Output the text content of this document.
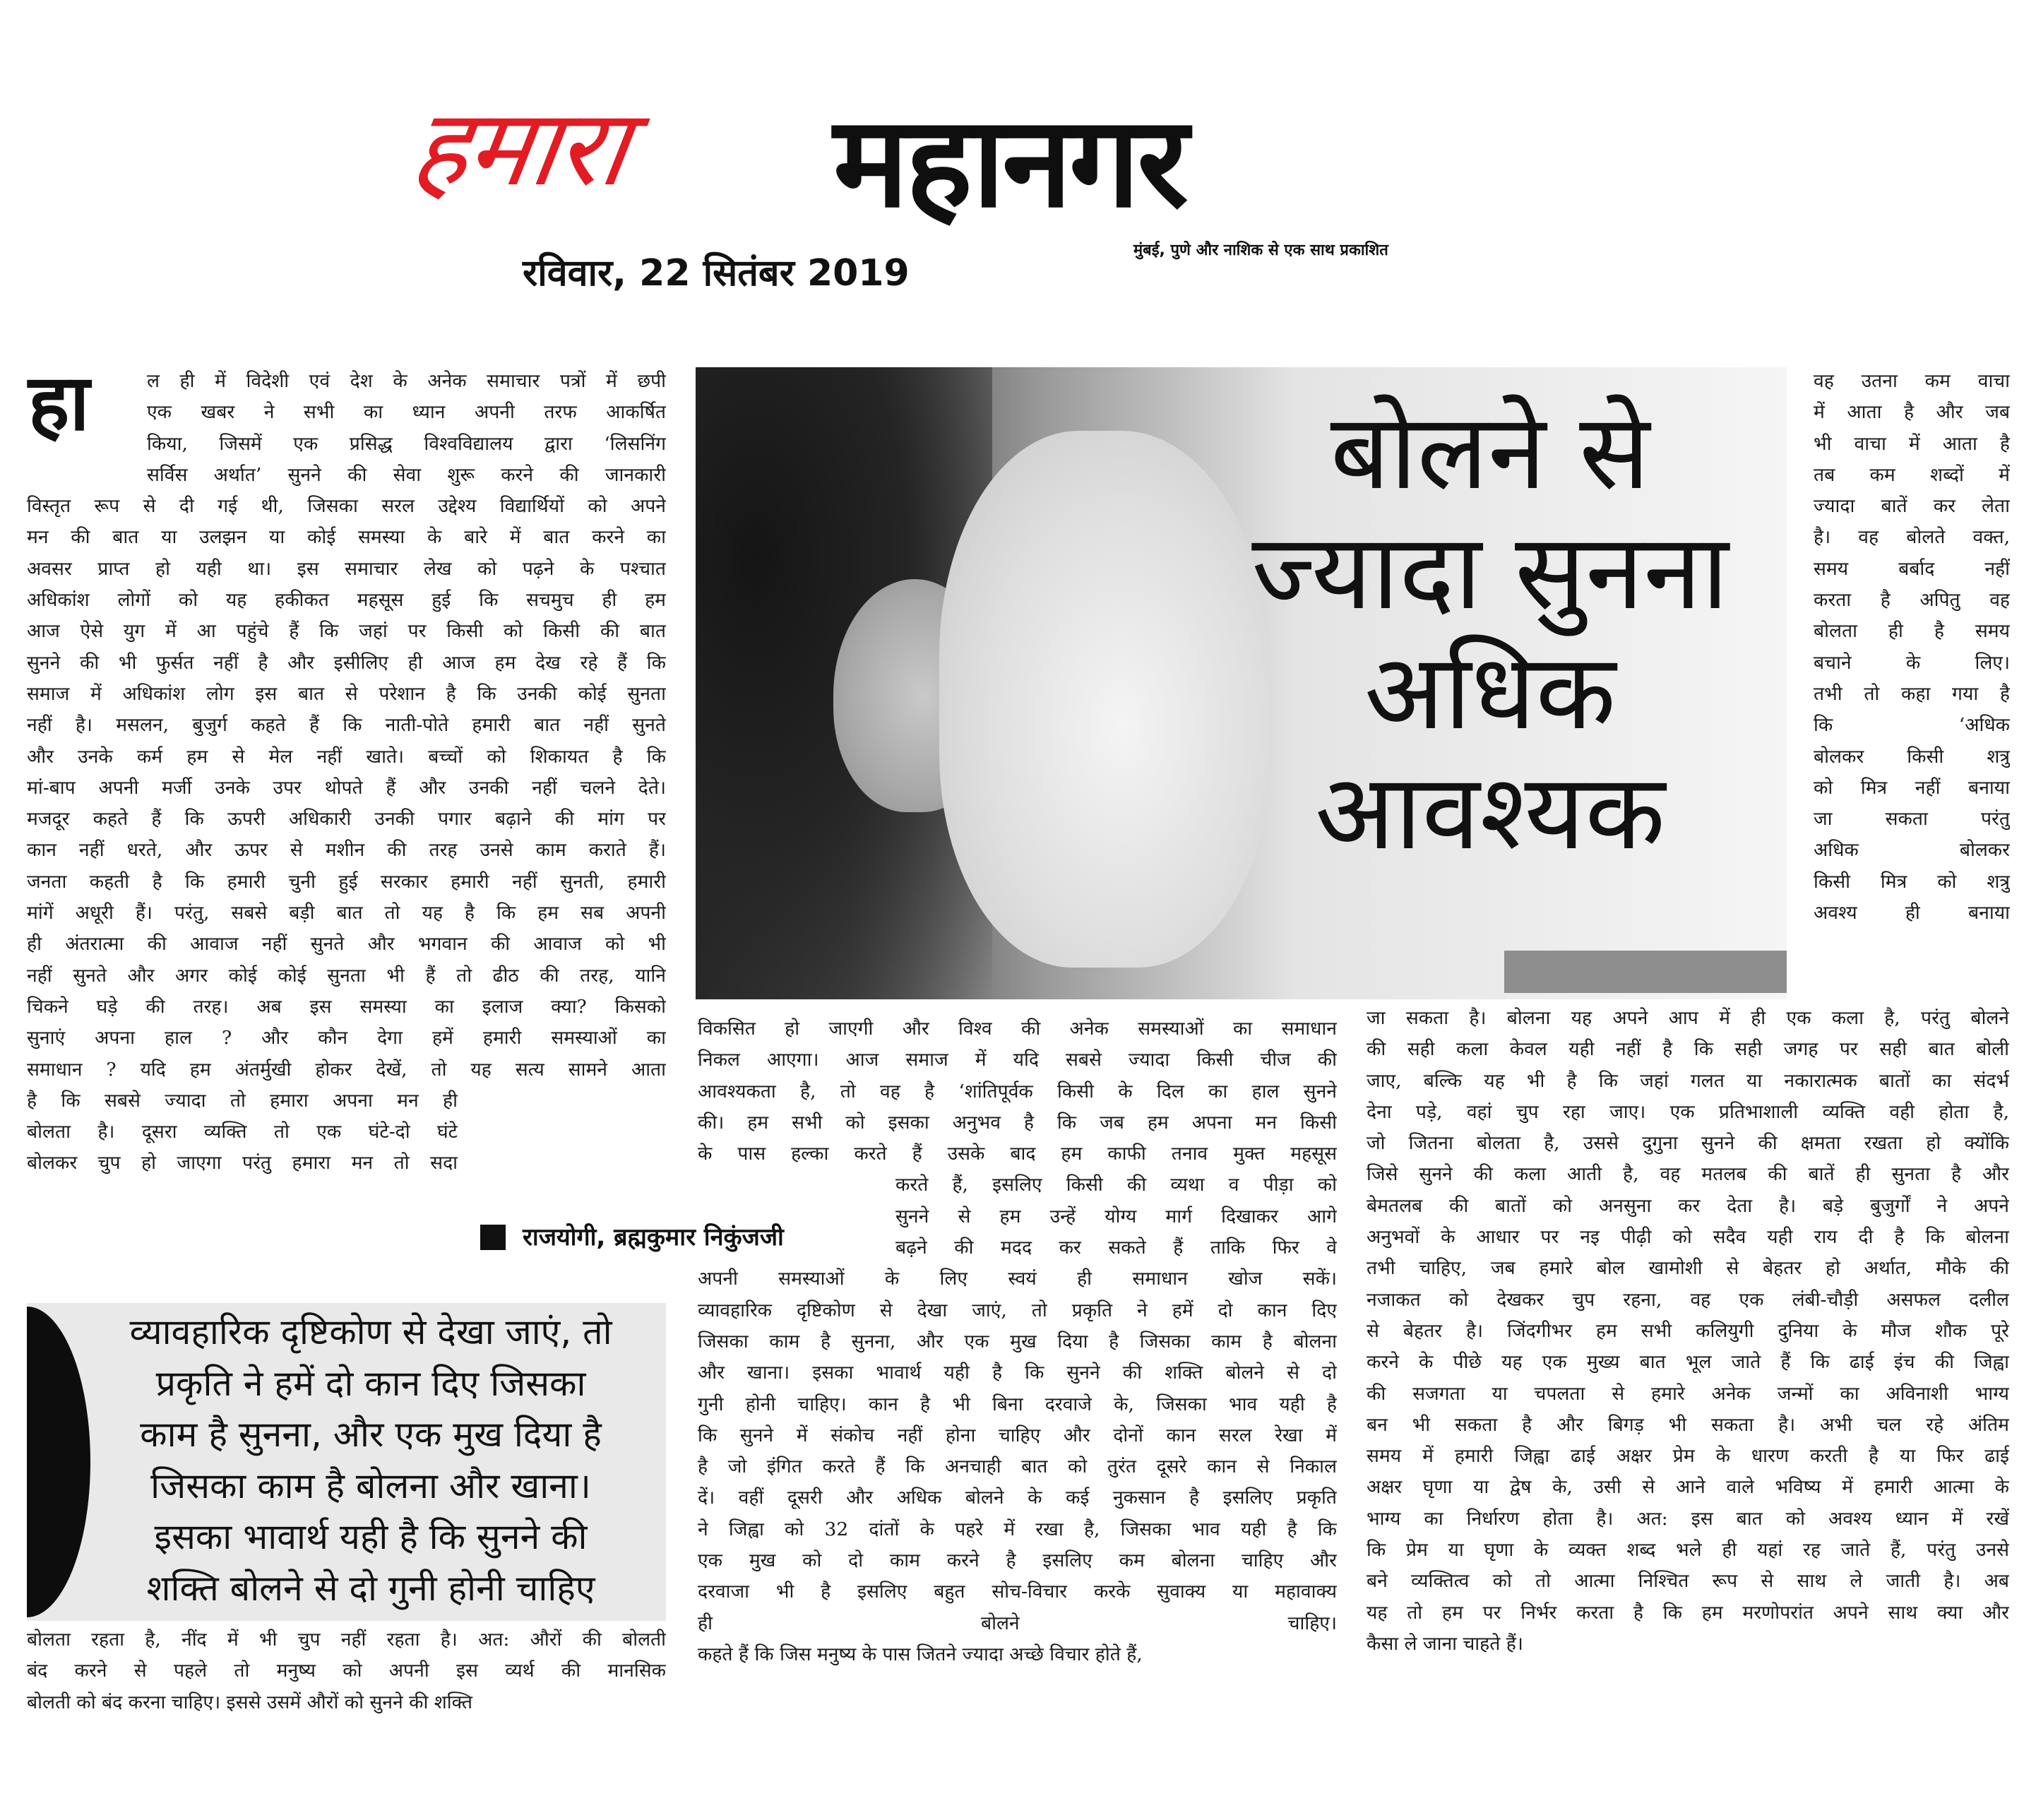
हमारा महानगर
रविवार, 22 सितंबर 2019
मुंबई, पुणे और नाशिक से एक साथ प्रकाशित
बोलने से
ज्यादा सुनना
अधिक
आवश्यक
हा	ल ही में विदेशी एवं देश के अनेक समाचार पत्रों में छपी
एक खबर ने सभी का ध्यान अपनी तरफ आकर्षित
किया, जिसमें एक प्रसिद्ध विश्वविद्यालय द्वारा ‘लिसनिंग
सर्विस अर्थात’ सुनने की सेवा शुरू करने की जानकारी
विस्तृत रूप से दी गई थी, जिसका सरल उद्देश्य विद्यार्थियों को अपने
मन की बात या उलझन या कोई समस्या के बारे में बात करने का
अवसर प्राप्त हो यही था। इस समाचार लेख को पढ़ने के पश्चात
अधिकांश लोगों को यह हकीकत महसूस हुई कि सचमुच ही हम
आज ऐसे युग में आ पहुंचे हैं कि जहां पर किसी को किसी की बात
सुनने की भी फुर्सत नहीं है और इसीलिए ही आज हम देख रहे हैं कि
समाज में अधिकांश लोग इस बात से परेशान है कि उनकी कोई सुनता
नहीं है। मसलन, बुजुर्ग कहते हैं कि नाती-पोते हमारी बात नहीं सुनते
और उनके कर्म हम से मेल नहीं खाते। बच्चों को शिकायत है कि
मां-बाप अपनी मर्जी उनके उपर थोपते हैं और उनकी नहीं चलने देते।
मजदूर कहते हैं कि ऊपरी अधिकारी उनकी पगार बढ़ाने की मांग पर
कान नहीं धरते, और ऊपर से मशीन की तरह उनसे काम कराते हैं।
जनता कहती है कि हमारी चुनी हुई सरकार हमारी नहीं सुनती, हमारी
मांगें अधूरी हैं। परंतु, सबसे बड़ी बात तो यह है कि हम सब अपनी
ही अंतरात्मा की आवाज नहीं सुनते और भगवान की आवाज को भी
नहीं सुनते और अगर कोई कोई सुनता भी हैं तो ढीठ की तरह, यानि
चिकने घड़े की तरह। अब इस समस्या का इलाज क्या? किसको
सुनाएं अपना हाल ? और कौन देगा हमें हमारी समस्याओं का
समाधान ? यदि हम अंतर्मुखी होकर देखें, तो यह सत्य सामने आता
है कि सबसे ज्यादा तो हमारा अपना मन ही
बोलता है। दूसरा व्यक्ति तो एक घंटे-दो घंटे
बोलकर चुप हो जाएगा परंतु हमारा मन तो सदा
बोलता रहता है, नींद में भी चुप नहीं रहता है। अत: औरों की बोलती
बंद करने से पहले तो मनुष्य को अपनी इस व्यर्थ की मानसिक
बोलती को बंद करना चाहिए। इससे उसमें औरों को सुनने की शक्ति
विकसित हो जाएगी और विश्व की अनेक समस्याओं का समाधान
निकल आएगा। आज समाज में यदि सबसे ज्यादा किसी चीज की
आवश्यकता है, तो वह है ‘शांतिपूर्वक किसी के दिल का हाल सुनने
की। हम सभी को इसका अनुभव है कि जब हम अपना मन किसी
के पास हल्का करते हैं उसके बाद हम काफी तनाव मुक्त महसूस
करते हैं, इसलिए किसी की व्यथा व पीड़ा को
सुनने से हम उन्हें योग्य मार्ग दिखाकर आगे
बढ़ने की मदद कर सकते हैं ताकि फिर वे
अपनी समस्याओं के लिए स्वयं ही समाधान खोज सकें।
व्यावहारिक दृष्टिकोण से देखा जाएं, तो प्रकृति ने हमें दो कान दिए
जिसका काम है सुनना, और एक मुख दिया है जिसका काम है बोलना
और खाना। इसका भावार्थ यही है कि सुनने की शक्ति बोलने से दो
गुनी होनी चाहिए। कान है भी बिना दरवाजे के, जिसका भाव यही है
कि सुनने में संकोच नहीं होना चाहिए और दोनों कान सरल रेखा में
है जो इंगित करते हैं कि अनचाही बात को तुरंत दूसरे कान से निकाल
दें। वहीं दूसरी और अधिक बोलने के कई नुकसान है इसलिए प्रकृति
ने जिह्वा को 32 दांतों के पहरे में रखा है, जिसका भाव यही है कि
एक मुख को दो काम करने है इसलिए कम बोलना चाहिए और
दरवाजा भी है इसलिए बहुत सोच-विचार करके सुवाक्य या महावाक्य
ही बोलने चाहिए।
कहते हैं कि जिस मनुष्य के पास जितने ज्यादा अच्छे विचार होते हैं,
वह उतना कम वाचा
में आता है और जब
भी वाचा में आता है
तब कम शब्दों में
ज्यादा बातें कर लेता
है। वह बोलते वक्त,
समय बर्बाद नहीं
करता है अपितु वह
बोलता ही है समय
बचाने के लिए।
तभी तो कहा गया है
कि ‘अधिक
बोलकर किसी शत्रु
को मित्र नहीं बनाया
जा सकता परंतु
अधिक बोलकर
किसी मित्र को शत्रु
अवश्य ही बनाया
जा सकता है। बोलना यह अपने आप में ही एक कला है, परंतु बोलने
की सही कला केवल यही नहीं है कि सही जगह पर सही बात बोली
जाए, बल्कि यह भी है कि जहां गलत या नकारात्मक बातों का संदर्भ
देना पड़े, वहां चुप रहा जाए। एक प्रतिभाशाली व्यक्ति वही होता है,
जो जितना बोलता है, उससे दुगुना सुनने की क्षमता रखता हो क्योंकि
जिसे सुनने की कला आती है, वह मतलब की बातें ही सुनता है और
बेमतलब की बातों को अनसुना कर देता है। बड़े बुजुर्गों ने अपने
अनुभवों के आधार पर नइ पीढ़ी को सदैव यही राय दी है कि बोलना
तभी चाहिए, जब हमारे बोल खामोशी से बेहतर हो अर्थात, मौके की
नजाकत को देखकर चुप रहना, वह एक लंबी-चौड़ी असफल दलील
से बेहतर है। जिंदगीभर हम सभी कलियुगी दुनिया के मौज शौक पूरे
करने के पीछे यह एक मुख्य बात भूल जाते हैं कि ढाई इंच की जिह्वा
की सजगता या चपलता से हमारे अनेक जन्मों का अविनाशी भाग्य
बन भी सकता है और बिगड़ भी सकता है। अभी चल रहे अंतिम
समय में हमारी जिह्वा ढाई अक्षर प्रेम के धारण करती है या फिर ढाई
अक्षर घृणा या द्वेष के, उसी से आने वाले भविष्य में हमारी आत्मा के
भाग्य का निर्धारण होता है। अत: इस बात को अवश्य ध्यान में रखें
कि प्रेम या घृणा के व्यक्त शब्द भले ही यहां रह जाते हैं, परंतु उनसे
बने व्यक्तित्व को तो आत्मा निश्चित रूप से साथ ले जाती है। अब
यह तो हम पर निर्भर करता है कि हम मरणोपरांत अपने साथ क्या और
कैसा ले जाना चाहते हैं।
राजयोगी, ब्रह्मकुमार निकुंजजी
व्यावहारिक दृष्टिकोण से देखा जाएं, तो
प्रकृति ने हमें दो कान दिए जिसका
काम है सुनना, और एक मुख दिया है
जिसका काम है बोलना और खाना।
इसका भावार्थ यही है कि सुनने की
शक्ति बोलने से दो गुनी होनी चाहिए
